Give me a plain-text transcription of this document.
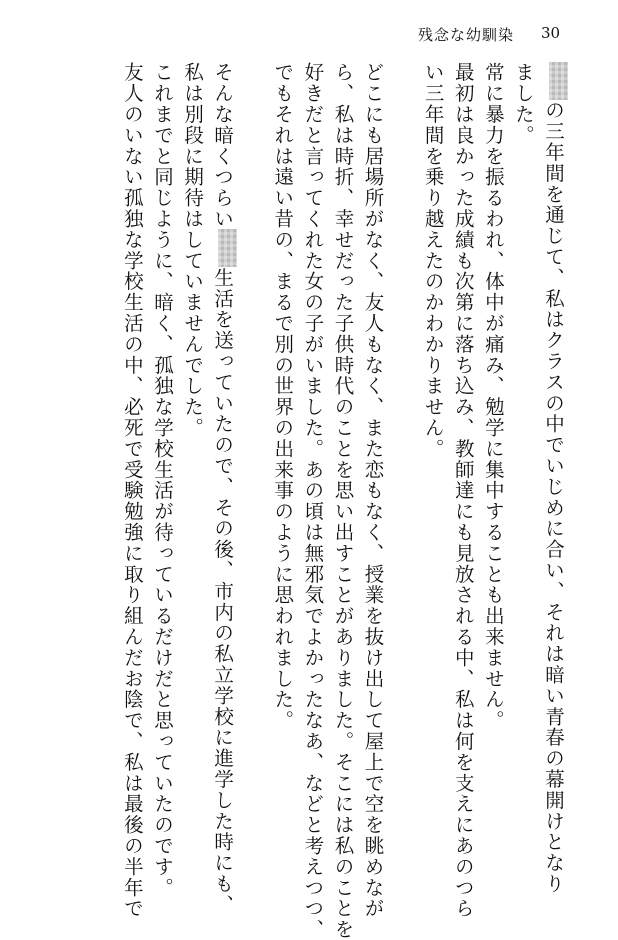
残念な幼馴染 30
の三年間を通じて、私はクラスの中でいじめに合い、それは暗い青春の幕開けとなり
ました。
常に暴力を振るわれ、体中が痛み、勉学に集中することも出来ません。
最初は良かった成績も次第に落ち込み、教師達にも見放される中、私は何を支えにあのつら
い三年間を乗り越えたのかわかりません。
どこにも居場所がなく、友人もなく、また恋もなく、授業を抜け出して屋上で空を眺めなが
ら、私は時折、幸せだった子供時代のことを思い出すことがありました。そこには私のことを
好きだと言ってくれた女の子がいました。あの頃は無邪気でよかったなあ、などと考えつつ、
でもそれは遠い昔の、まるで別の世界の出来事のように思われました。
そんな暗くつらい生活を送っていたので、その後、市内の私立学校に進学した時にも、
私は別段に期待はしていませんでした。
これまでと同じように、暗く、孤独な学校生活が待っているだけだと思っていたのです。
友人のいない孤独な学校生活の中、必死で受験勉強に取り組んだお陰で、私は最後の半年で
